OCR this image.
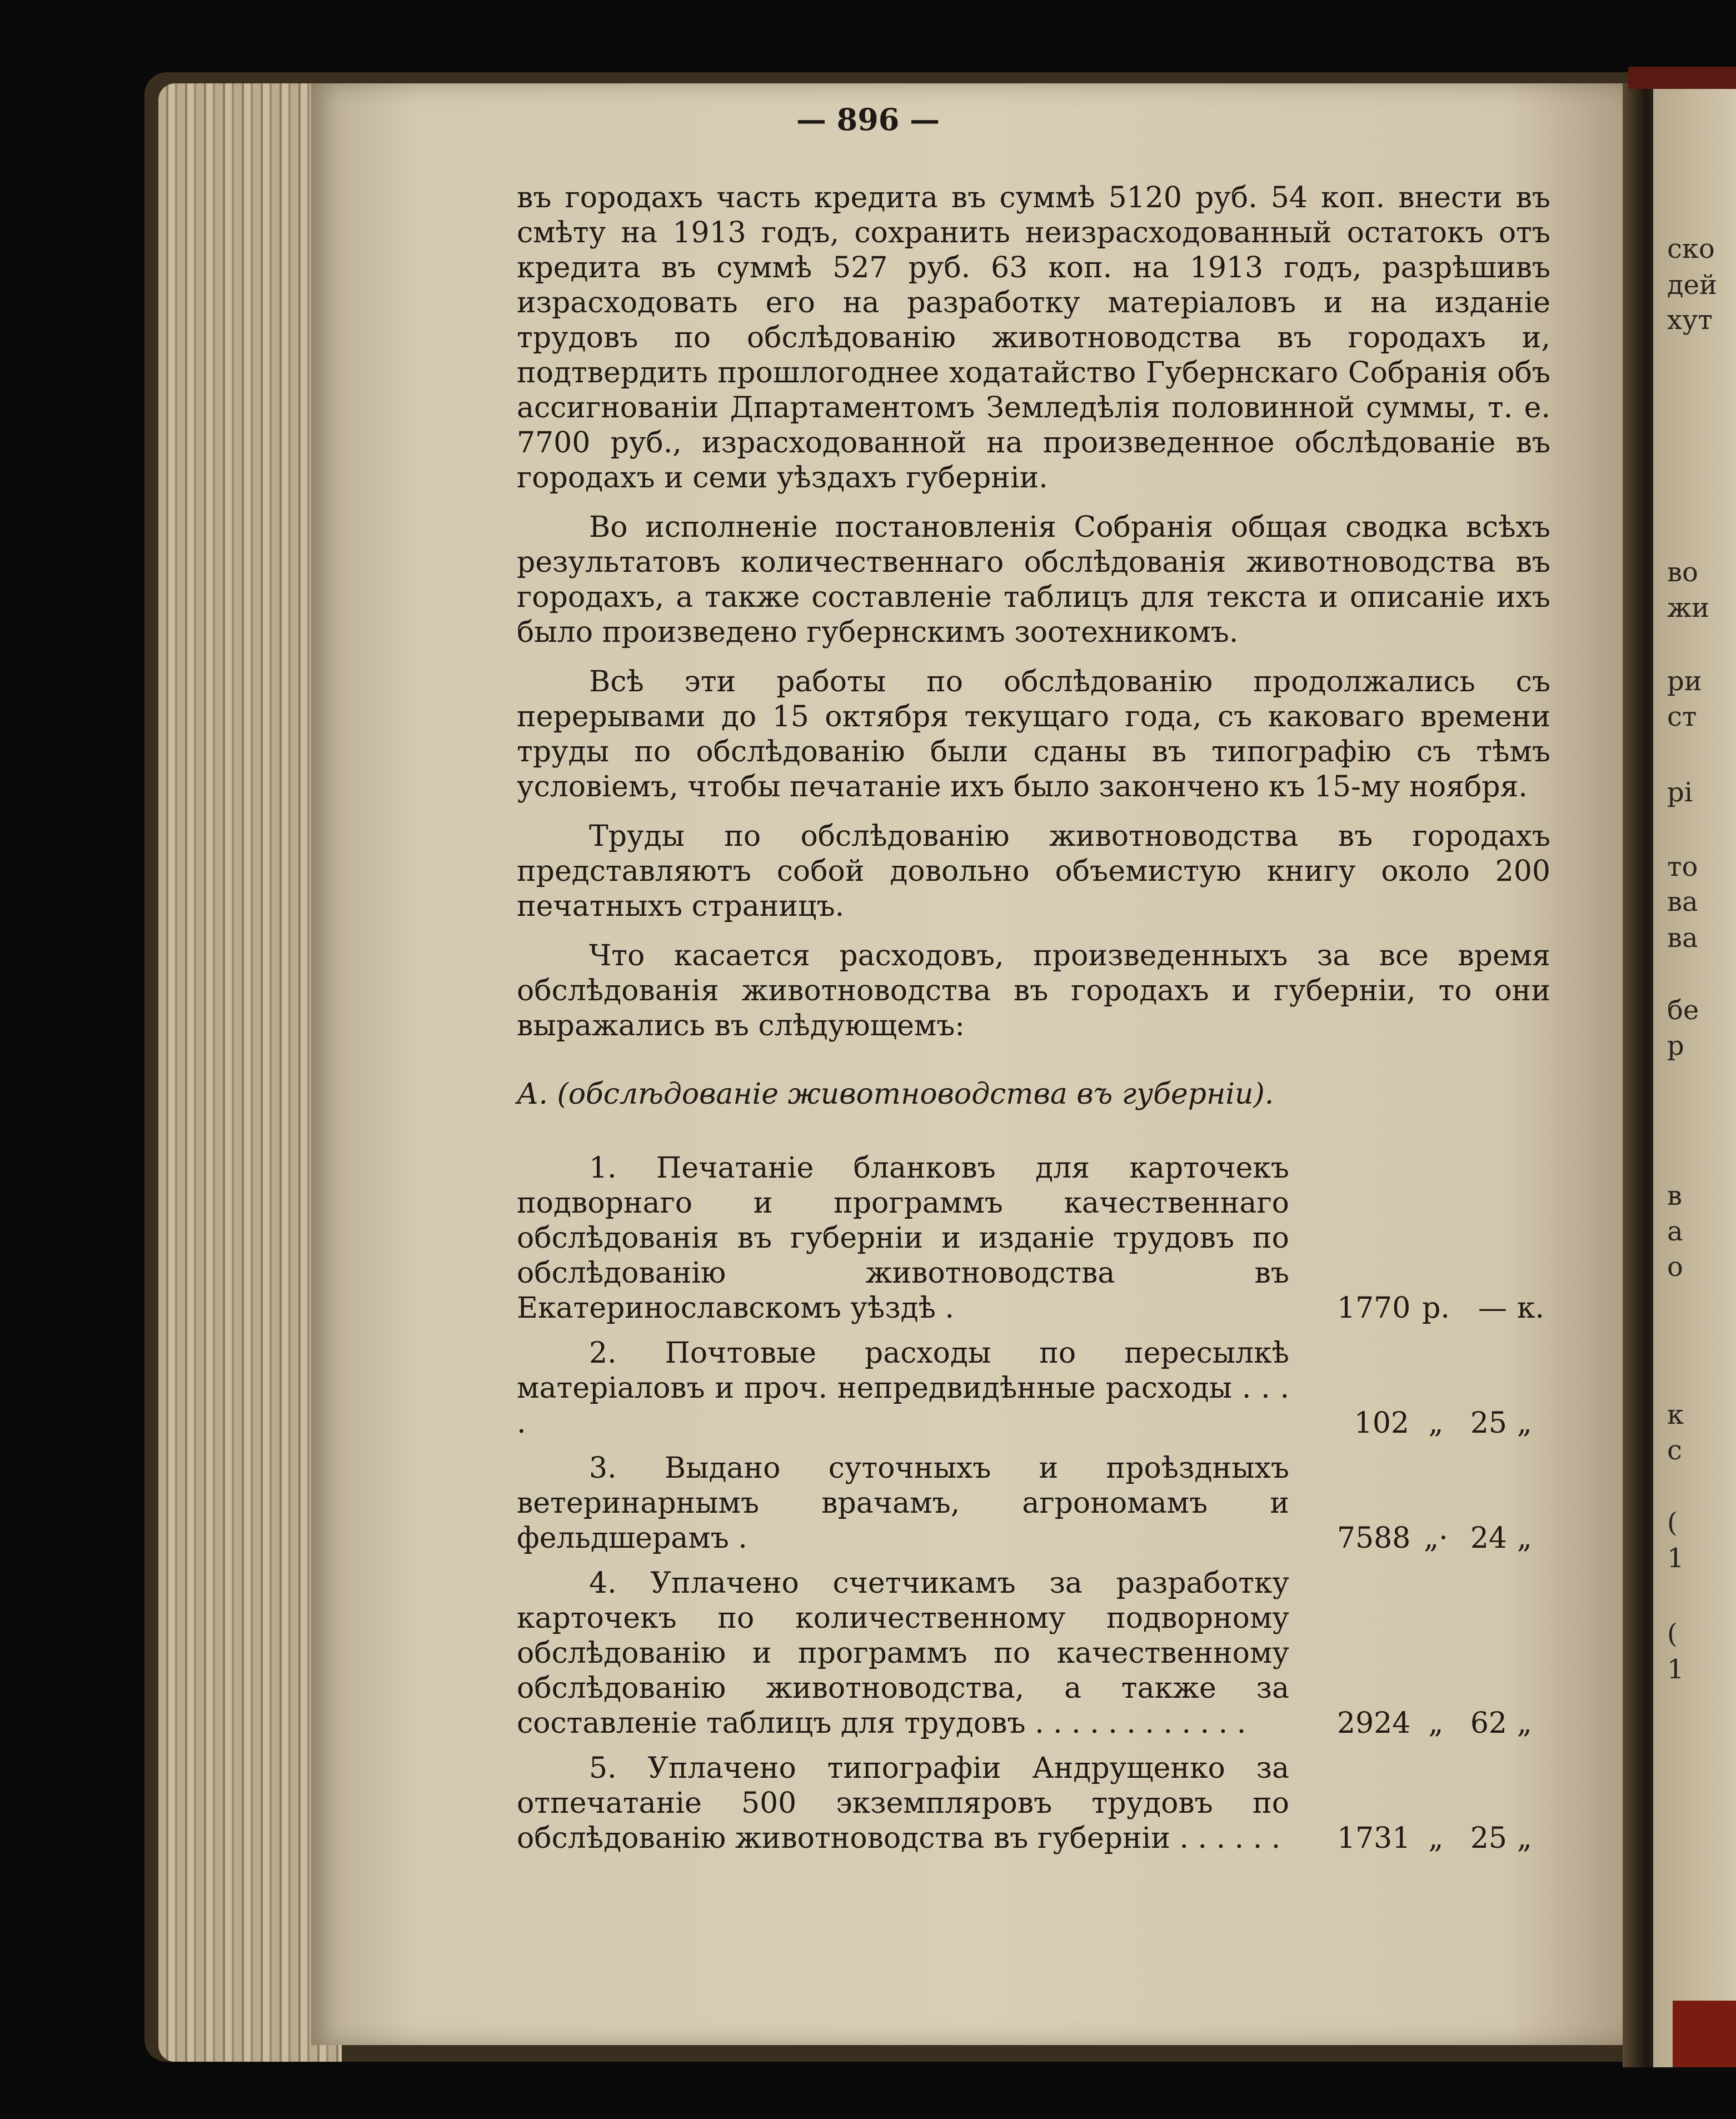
— 896 —

въ городахъ часть кредита въ суммѣ 5120 руб. 54 коп. внести въ смѣту на 1913 годъ, сохранить неизрасходованный остатокъ отъ кредита въ суммѣ 527 руб. 63 коп. на 1913 годъ, разрѣшивъ израсходовать его на разработку матеріаловъ и на изданіе трудовъ по обслѣдованію животноводства въ городахъ и, подтвердить прошлогоднее ходатайство Губернскаго Собранія объ ассигнованіи Дпартаментомъ Земледѣлія половинной суммы, т. е. 7700 руб., израсходованной на произведенное обслѣдованіе въ городахъ и семи уѣздахъ губерніи.

Во исполненіе постановленія Собранія общая сводка всѣхъ результатовъ количественнаго обслѣдованія животноводства въ городахъ, а также составленіе таблицъ для текста и описаніе ихъ было произведено губернскимъ зоотехникомъ.

Всѣ эти работы по обслѣдованію продолжались съ перерывами до 15 октября текущаго года, съ каковаго времени труды по обслѣдованію были сданы въ типографію съ тѣмъ условіемъ, чтобы печатаніе ихъ было закончено къ 15-му ноября.

Труды по обслѣдованію животноводства въ городахъ представляютъ собой довольно объемистую книгу около 200 печатныхъ страницъ.

Что касается расходовъ, произведенныхъ за все время обслѣдованія животноводства въ городахъ и губерніи, то они выражались въ слѣдующемъ:

А. (обслѣдованіе животноводства въ губерніи).

1. Печатаніе бланковъ для карточекъ подворнаго и программъ качественнаго обслѣдованія въ губерніи и изданіе трудовъ по обслѣдованію животноводства въ Екатеринославскомъ уѣздѣ .	1770 р. — к.
2. Почтовые расходы по пересылкѣ матеріаловъ и проч. непредвидѣнные расходы . . . .	102 „ 25 „
3. Выдано суточныхъ и проѣздныхъ ветеринарнымъ врачамъ, агрономамъ и фельдшерамъ .	7588 „· 24 „
4. Уплачено счетчикамъ за разработку карточекъ по количественному подворному обслѣдованію и программъ по качественному обслѣдованію животноводства, а также за составленіе таблицъ для трудовъ . . . . . . . . . . . .	2924 „ 62 „
5. Уплачено типографіи Андрущенко за отпечатаніе 500 экземпляровъ трудовъ по обслѣдованію животноводства въ губерніи . . . . . .	1731 „ 25 „
ско
дей
хут
во
жи
ри
ст
рі
то
ва
ва
бе
р
в
а
о
к
с
(
1
(
1
